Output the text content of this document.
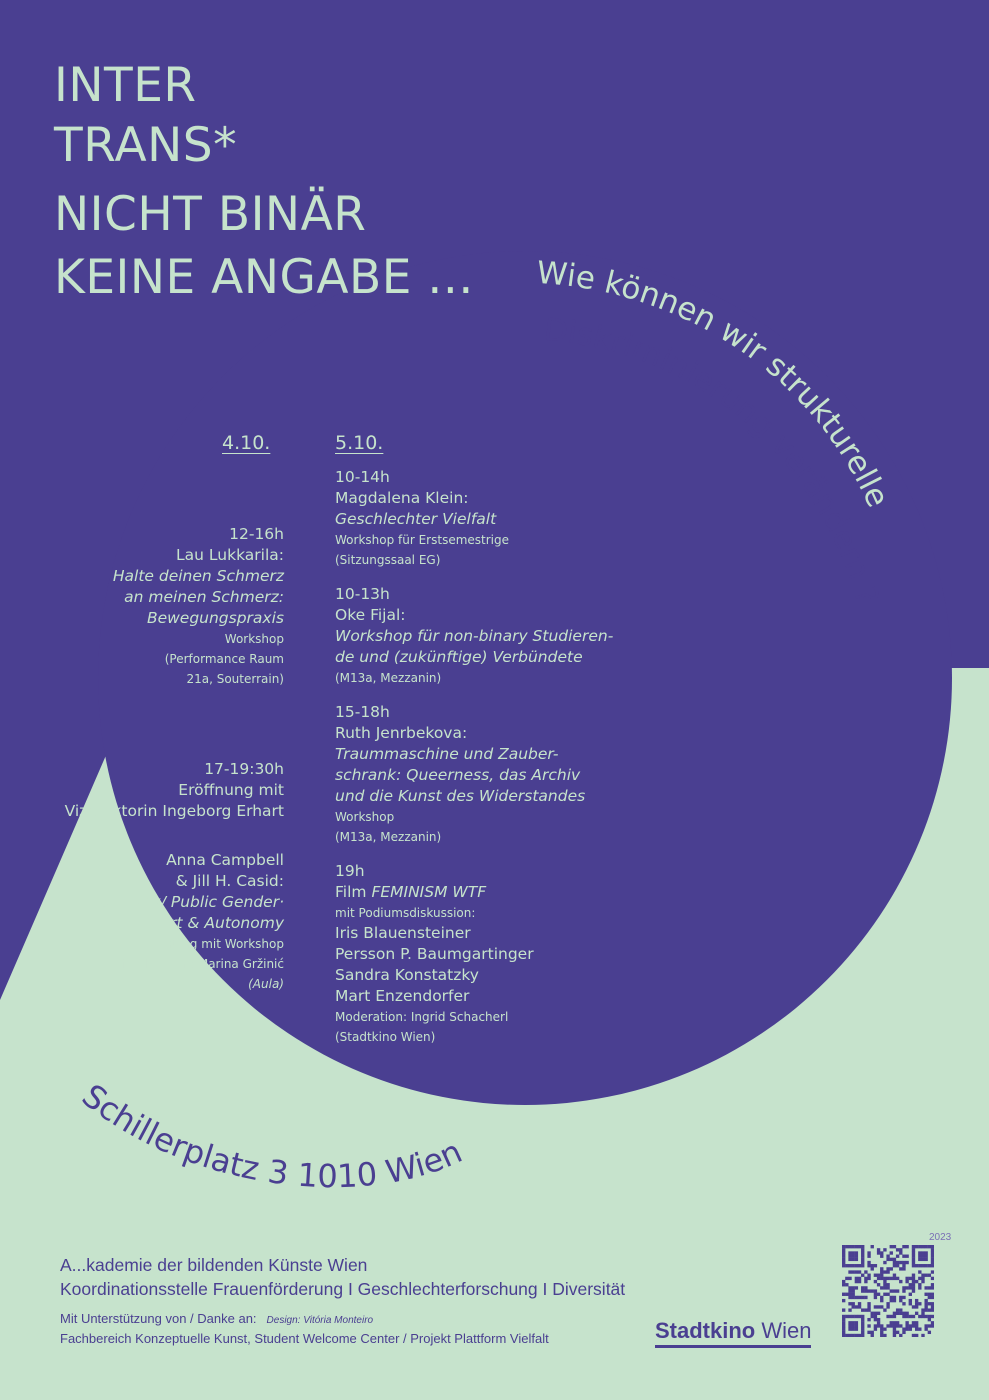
INTER
TRANS*
NICHT BINÄR
KEINE ANGABE ... Wie können wir strukturelle
Diskriminierung verändern ?
Schillerplatz 3 1010 Wien
4.10.	5.10.
12-16h
Lau Lukkarila:
Halte deinen Schmerz
an meinen Schmerz:
Bewegungspraxis
Workshop
(Performance Raum
21a, Souterrain)
17-19:30h
Eröffnung mit
Vizerektorin Ingeborg Erhart
Anna Campbell
& Jill H. Casid:
Public Sex/ Public Gender·
Art & Autonomy
Vortrag mit Workshop
Moderation: Marina Gržinić
(Aula)
10-14h
Magdalena Klein:
Geschlechter Vielfalt
Workshop für Erstsemestrige
(Sitzungssaal EG)
10-13h
Oke Fijal:
Workshop für non-binary Studieren-
de und (zukünftige) Verbündete
(M13a, Mezzanin)
15-18h
Ruth Jenrbekova:
Traummaschine und Zauber-
schrank: Queerness, das Archiv
und die Kunst des Widerstandes
Workshop
(M13a, Mezzanin)
19h
Film FEMINISM WTF
mit Podiumsdiskussion:
Iris Blauensteiner
Persson P. Baumgartinger
Sandra Konstatzky
Mart Enzendorfer
Moderation: Ingrid Schacherl
(Stadtkino Wien)
A...kademie der bildenden Künste Wien
Koordinationsstelle Frauenförderung I Geschlechterforschung I Diversität
Mit Unterstützung von / Danke an: Design: Vitória Monteiro
Fachbereich Konzeptuelle Kunst, Student Welcome Center / Projekt Plattform Vielfalt
2023
Stadtkino Wien
